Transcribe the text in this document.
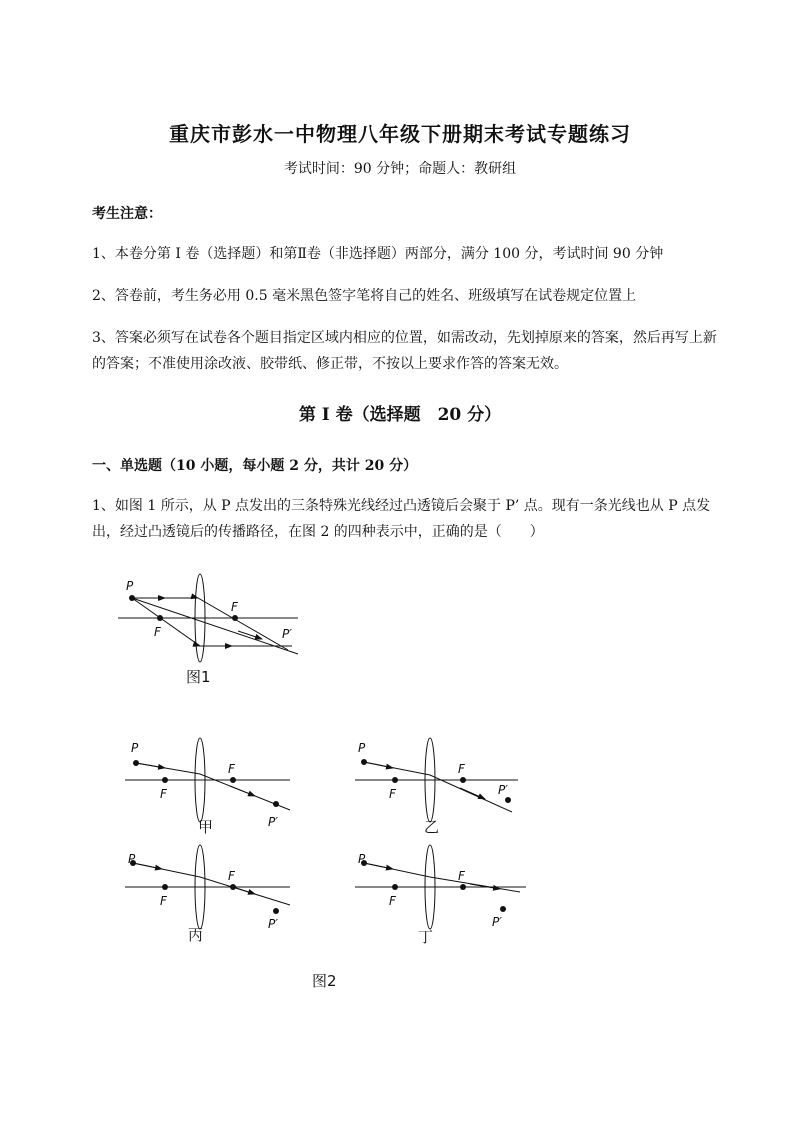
重庆市彭水一中物理八年级下册期末考试专题练习
考试时间：90 分钟；命题人：教研组
考生注意：
1、本卷分第 I 卷（选择题）和第Ⅱ卷（非选择题）两部分，满分 100 分，考试时间 90 分钟
2、答卷前，考生务必用 0.5 毫米黑色签字笔将自己的姓名、班级填写在试卷规定位置上
3、答案必须写在试卷各个题目指定区域内相应的位置，如需改动，先划掉原来的答案，然后再写上新的答案；不准使用涂改液、胶带纸、修正带，不按以上要求作答的答案无效。
第 I 卷（选择题　20 分）
一、单选题（10 小题，每小题 2 分，共计 20 分）
1、如图 1 所示，从 P 点发出的三条特殊光线经过凸透镜后会聚于 P’ 点。现有一条光线也从 P 点发出，经过凸透镜后的传播路径，在图 2 的四种表示中，正确的是（　　）
P
F
F
P′
图1
P
F
F
P′
甲
P
F
F
P′
乙
P
F
F
P′
丙
P
F
F
P′
丁
图2
